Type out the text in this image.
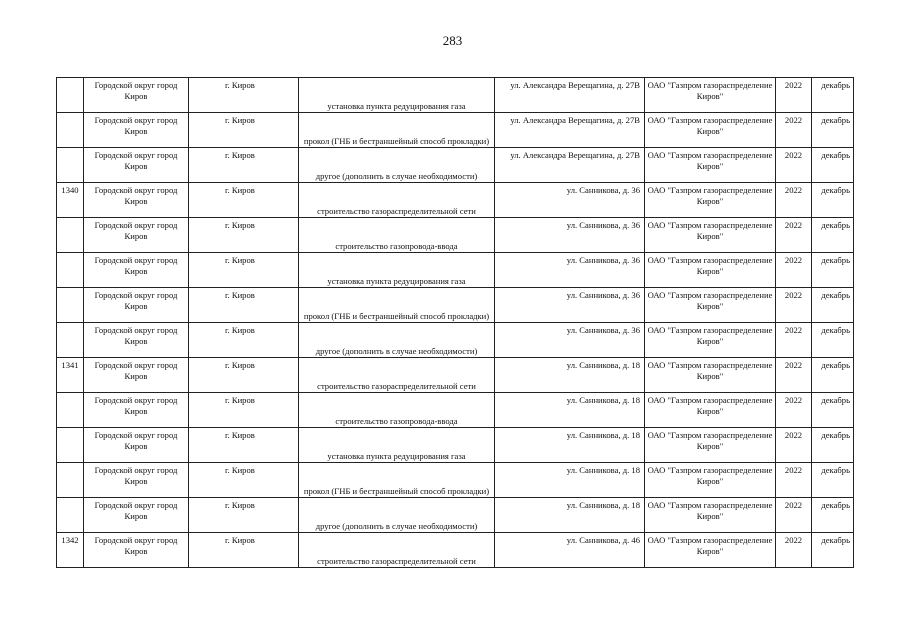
283
	Городской округ город Киров	г. Киров	установка пункта редуцирования газа	ул. Александра Верещагина, д. 27В	ОАО "Газпром газораспределение Киров"	2022	декабрь
	Городской округ город Киров	г. Киров	прокол (ГНБ и бестраншейный способ прокладки)	ул. Александра Верещагина, д. 27В	ОАО "Газпром газораспределение Киров"	2022	декабрь
	Городской округ город Киров	г. Киров	другое (дополнить в случае необходимости)	ул. Александра Верещагина, д. 27В	ОАО "Газпром газораспределение Киров"	2022	декабрь
1340	Городской округ город Киров	г. Киров	строительство газораспределительной сети	ул. Санникова, д. 36	ОАО "Газпром газораспределение Киров"	2022	декабрь
	Городской округ город Киров	г. Киров	строительство газопровода-ввода	ул. Санникова, д. 36	ОАО "Газпром газораспределение Киров"	2022	декабрь
	Городской округ город Киров	г. Киров	установка пункта редуцирования газа	ул. Санникова, д. 36	ОАО "Газпром газораспределение Киров"	2022	декабрь
	Городской округ город Киров	г. Киров	прокол (ГНБ и бестраншейный способ прокладки)	ул. Санникова, д. 36	ОАО "Газпром газораспределение Киров"	2022	декабрь
	Городской округ город Киров	г. Киров	другое (дополнить в случае необходимости)	ул. Санникова, д. 36	ОАО "Газпром газораспределение Киров"	2022	декабрь
1341	Городской округ город Киров	г. Киров	строительство газораспределительной сети	ул. Санникова, д. 18	ОАО "Газпром газораспределение Киров"	2022	декабрь
	Городской округ город Киров	г. Киров	строительство газопровода-ввода	ул. Санникова, д. 18	ОАО "Газпром газораспределение Киров"	2022	декабрь
	Городской округ город Киров	г. Киров	установка пункта редуцирования газа	ул. Санникова, д. 18	ОАО "Газпром газораспределение Киров"	2022	декабрь
	Городской округ город Киров	г. Киров	прокол (ГНБ и бестраншейный способ прокладки)	ул. Санникова, д. 18	ОАО "Газпром газораспределение Киров"	2022	декабрь
	Городской округ город Киров	г. Киров	другое (дополнить в случае необходимости)	ул. Санникова, д. 18	ОАО "Газпром газораспределение Киров"	2022	декабрь
1342	Городской округ город Киров	г. Киров	строительство газораспределительной сети	ул. Санникова, д. 46	ОАО "Газпром газораспределение Киров"	2022	декабрь
